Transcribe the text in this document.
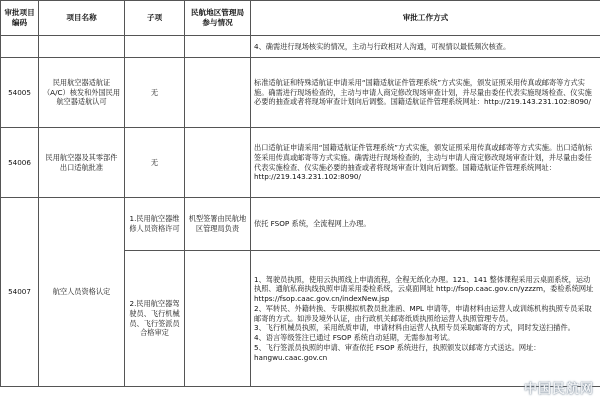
审批项目编码	项目名称	子项	民航地区管理局参与情况	审批工作方式

				4、确需进行现场核实的情况，主动与行政相对人沟通，可视情以最低频次核查。

54005	民用航空器适航证（A/C）核发和外国民用航空器适航认可	无		标准适航证和特殊适航证申请采用“国籍适航证件管理系统”方式实施，颁发证照采用传真或邮寄等方式实施。确需进行现场检查的，主动与申请人商定修改现场审查计划，并尽量由委任代表实施现场检查、仪实施必要的抽查或者将现场审查计划向后调整。国籍适航证件管理系统网址：http://219.143.231.102:8090/

54006	民用航空器及其零部件出口适航批准	无		出口适航证申请采用“国籍适航证件管理系统”方式实施，颁发证照采用传真或邮寄等方式实施。出口适航标签采用传真或邮寄等方式实施。确需进行现场检查的，主动与申请人商定修改现场审查计划，并尽量由委任代表实施检查、仪实施必要的抽查或者将现场审查计划向后调整。国籍适航证件管理系统网址：http://219.143.231.102:8090/

54007	航空人员资格认定	1.民用航空器维修人员资格许可	机型签署由民航地区管理局负责	依托 FSOP 系统，全流程网上办理。

		2.民用航空器驾驶员、飞行机械员、飞行签派员合格审定		1、驾驶员执照，使用云执照线上申请流程，全程无纸化办理。121、141 整体课程采用云桌面系统，运动执照、通航私商执线执照申请采用委检系统，云桌面网址 http://fsop.caac.gov.cn/yzzzm，委检系统网址 https://fsop.caac.gov.cn/indexNew.jsp
2、军转民、外籍转换、专职模拟机教员批准函、MPL 申请等，申请材料由运营人或训练机构执照专员采取邮寄的方式。如涉及境外认证，由行政机关邮寄纸质执照给运营人执照管理专员。
3、飞行机械员执照，采用纸质申请，申请材料由运营人执照专员采取邮寄的方式，同时发送扫描件。
4、语言等级签注已通过 FSOP 系统自动延期，无需参加考试。
5、飞行签派员执照的申请、审查依托 FSOP 系统进行，执照颁发以邮寄方式送达。网址：hangwu.caac.gov.cn
中国民航网
